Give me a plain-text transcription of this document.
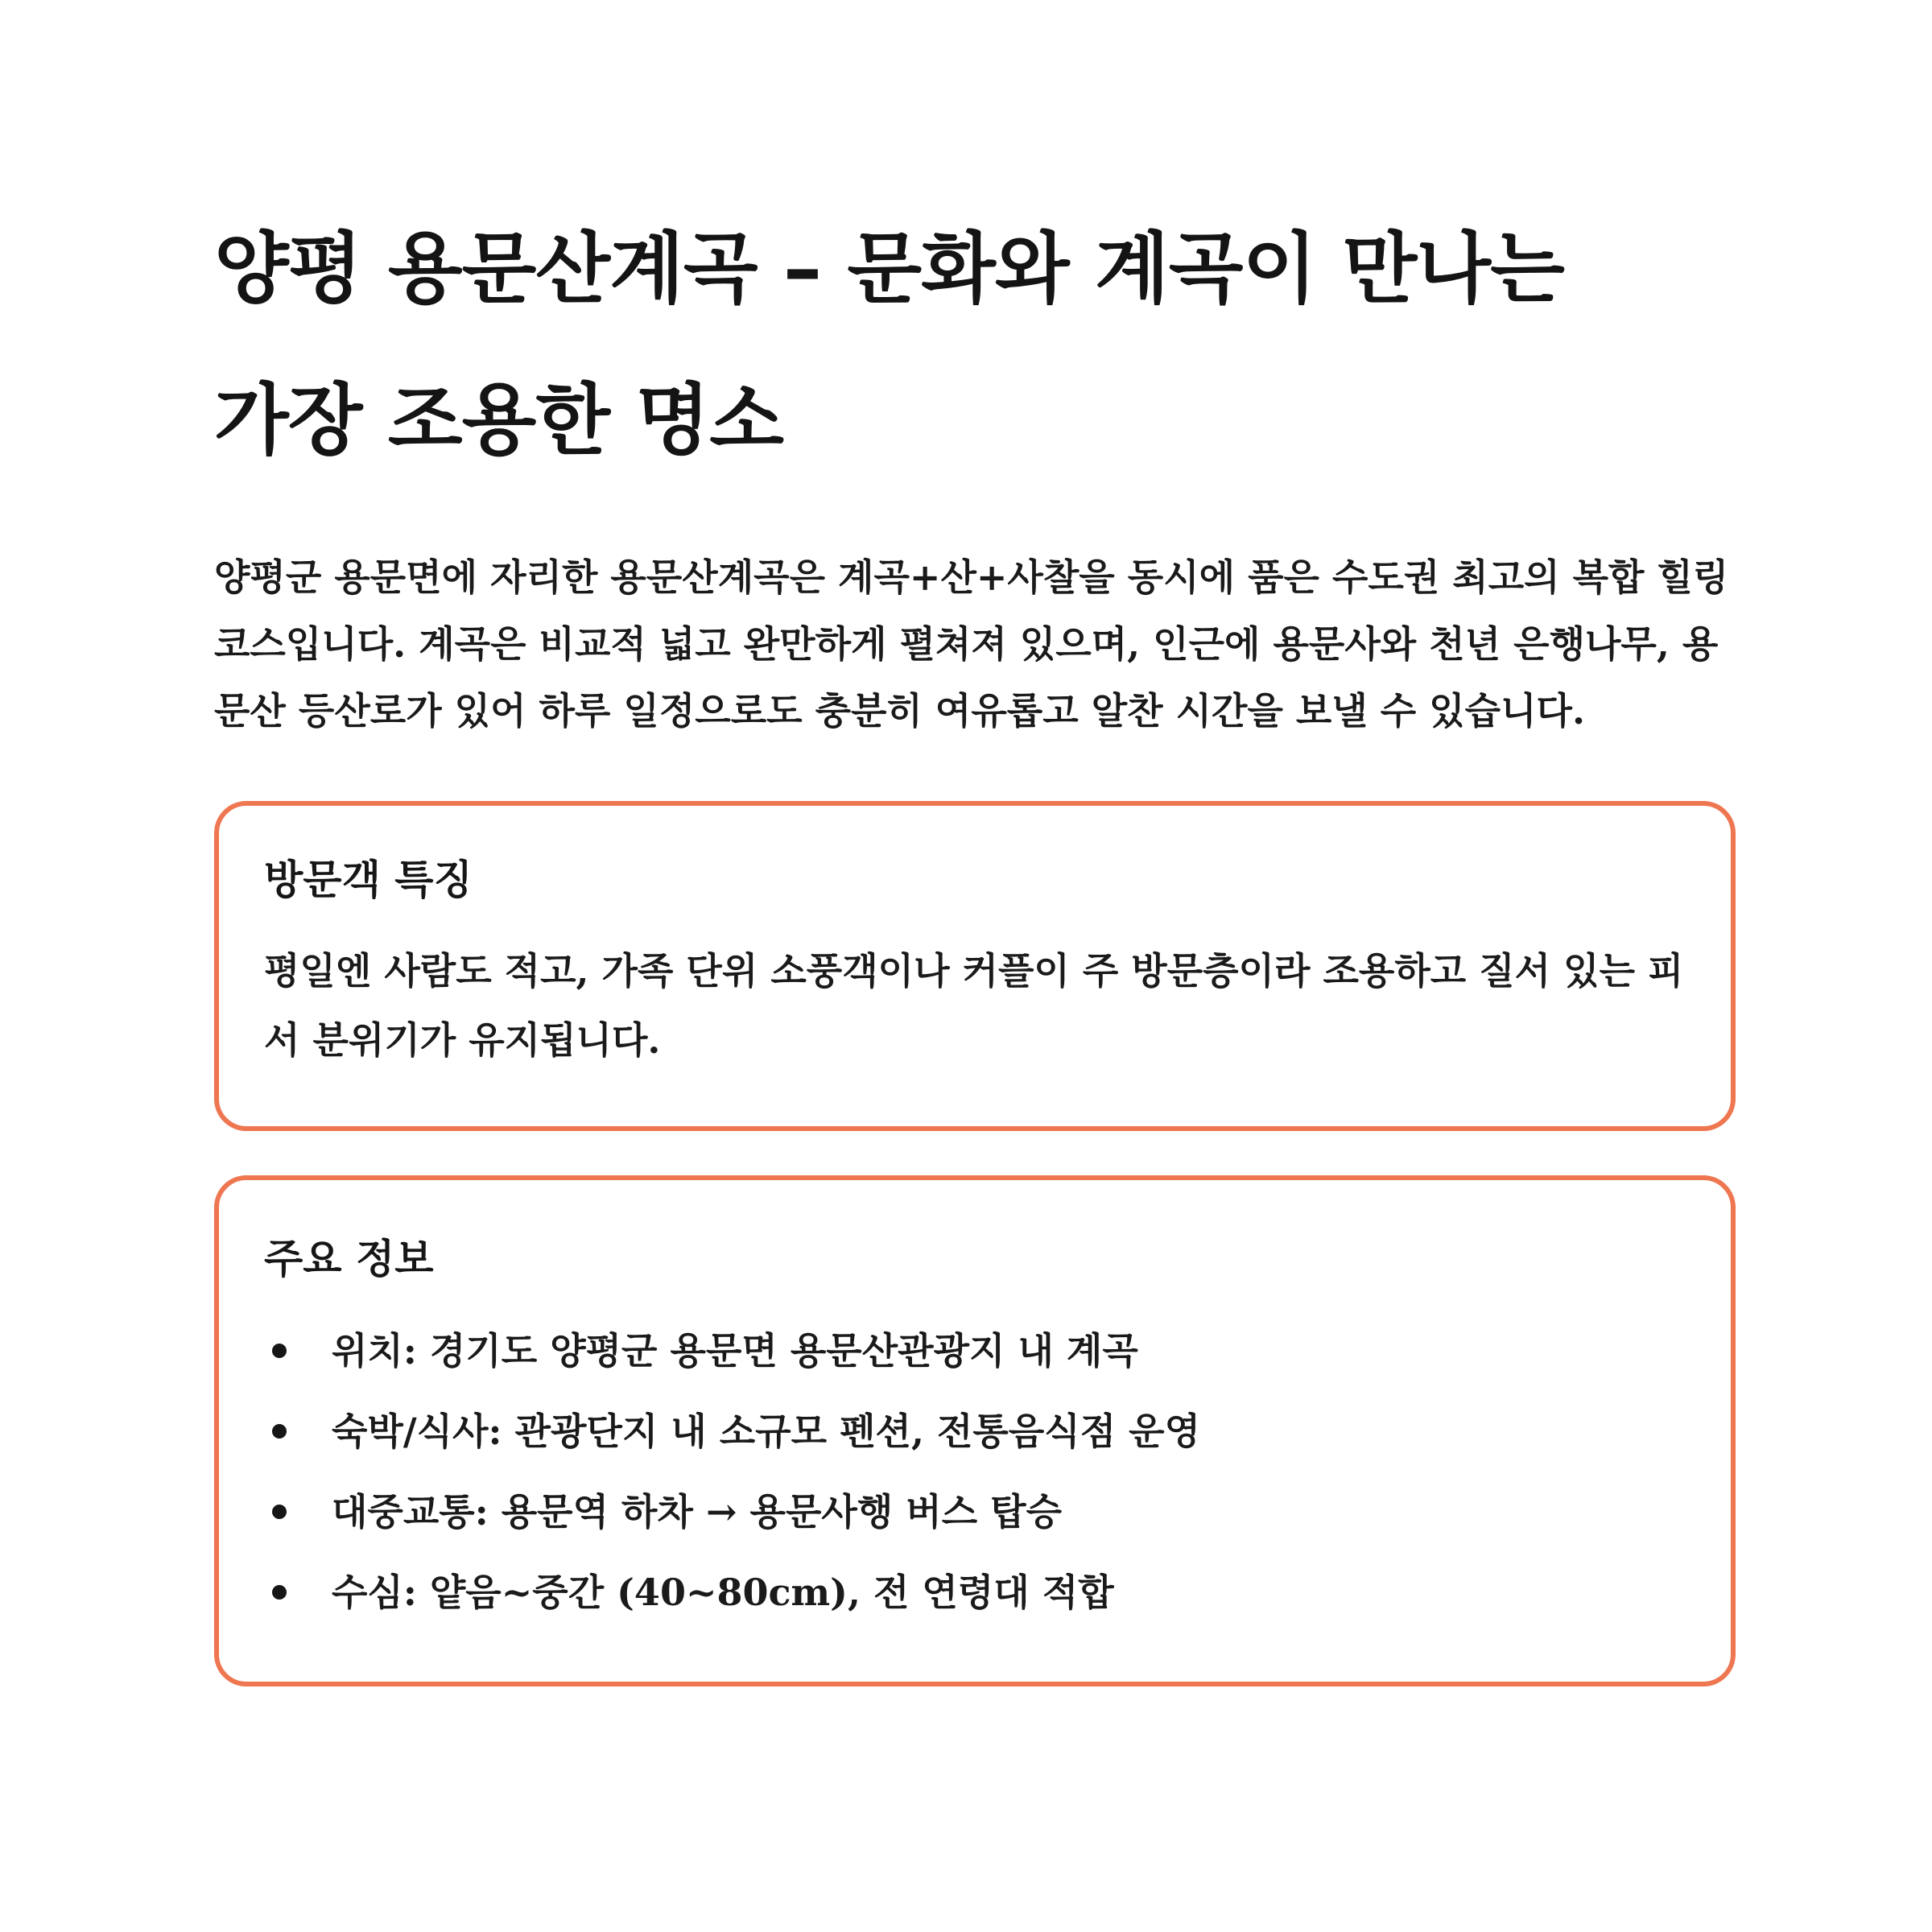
양평 용문산계곡 – 문화와 계곡이 만나는
가장 조용한 명소

양평군 용문면에 자리한 용문산계곡은 계곡+산+사찰을 동시에 품은 수도권 최고의 복합 힐링 코스입니다. 계곡은 비교적 넓고 완만하게 펼쳐져 있으며, 인근에 용문사와 천년 은행나무, 용문산 등산로가 있어 하루 일정으로도 충분히 여유롭고 알찬 시간을 보낼 수 있습니다.

방문객 특징

평일엔 사람도 적고, 가족 단위 소풍객이나 커플이 주 방문층이라 조용하고 질서 있는 피서 분위기가 유지됩니다.

주요 정보
위치: 경기도 양평군 용문면 용문산관광지 내 계곡
숙박/식사: 관광단지 내 소규모 펜션, 전통음식점 운영
대중교통: 용문역 하차 → 용문사행 버스 탑승
수심: 얕음~중간 (40~80cm), 전 연령대 적합
